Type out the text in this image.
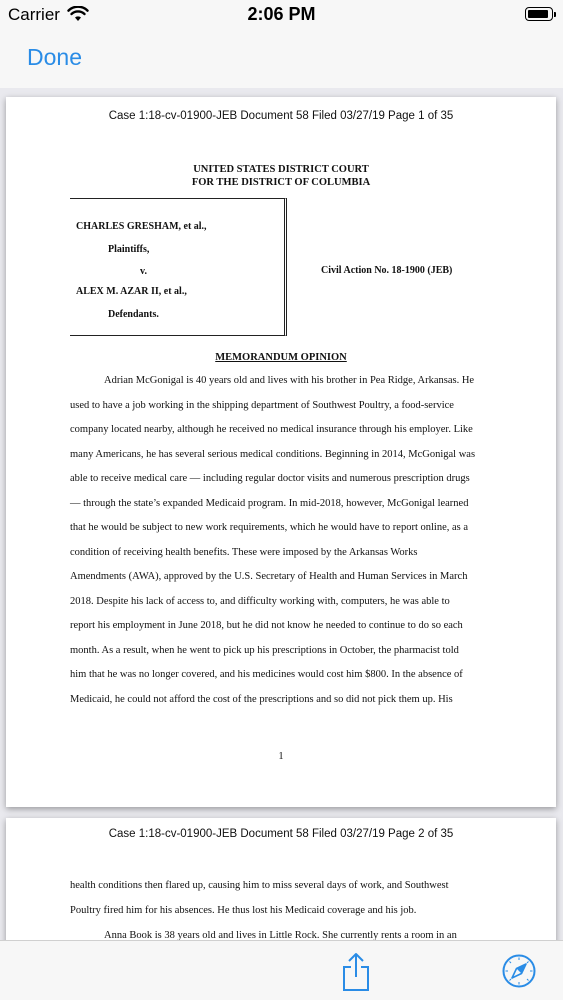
Carrier	2:06 PM
Done
Case 1:18-cv-01900-JEB Document 58 Filed 03/27/19 Page 1 of 35
UNITED STATES DISTRICT COURT
FOR THE DISTRICT OF COLUMBIA
CHARLES GRESHAM, et al.,
Plaintiffs,
v.
ALEX M. AZAR II, et al.,
Defendants.
Civil Action No. 18-1900 (JEB)
MEMORANDUM OPINION
Adrian McGonigal is 40 years old and lives with his brother in Pea Ridge, Arkansas. He
used to have a job working in the shipping department of Southwest Poultry, a food-service
company located nearby, although he received no medical insurance through his employer. Like
many Americans, he has several serious medical conditions. Beginning in 2014, McGonigal was
able to receive medical care — including regular doctor visits and numerous prescription drugs
— through the state’s expanded Medicaid program. In mid-2018, however, McGonigal learned
that he would be subject to new work requirements, which he would have to report online, as a
condition of receiving health benefits. These were imposed by the Arkansas Works
Amendments (AWA), approved by the U.S. Secretary of Health and Human Services in March
2018. Despite his lack of access to, and difficulty working with, computers, he was able to
report his employment in June 2018, but he did not know he needed to continue to do so each
month. As a result, when he went to pick up his prescriptions in October, the pharmacist told
him that he was no longer covered, and his medicines would cost him $800. In the absence of
Medicaid, he could not afford the cost of the prescriptions and so did not pick them up. His
1
Case 1:18-cv-01900-JEB Document 58 Filed 03/27/19 Page 2 of 35
health conditions then flared up, causing him to miss several days of work, and Southwest
Poultry fired him for his absences. He thus lost his Medicaid coverage and his job.
Anna Book is 38 years old and lives in Little Rock. She currently rents a room in an
